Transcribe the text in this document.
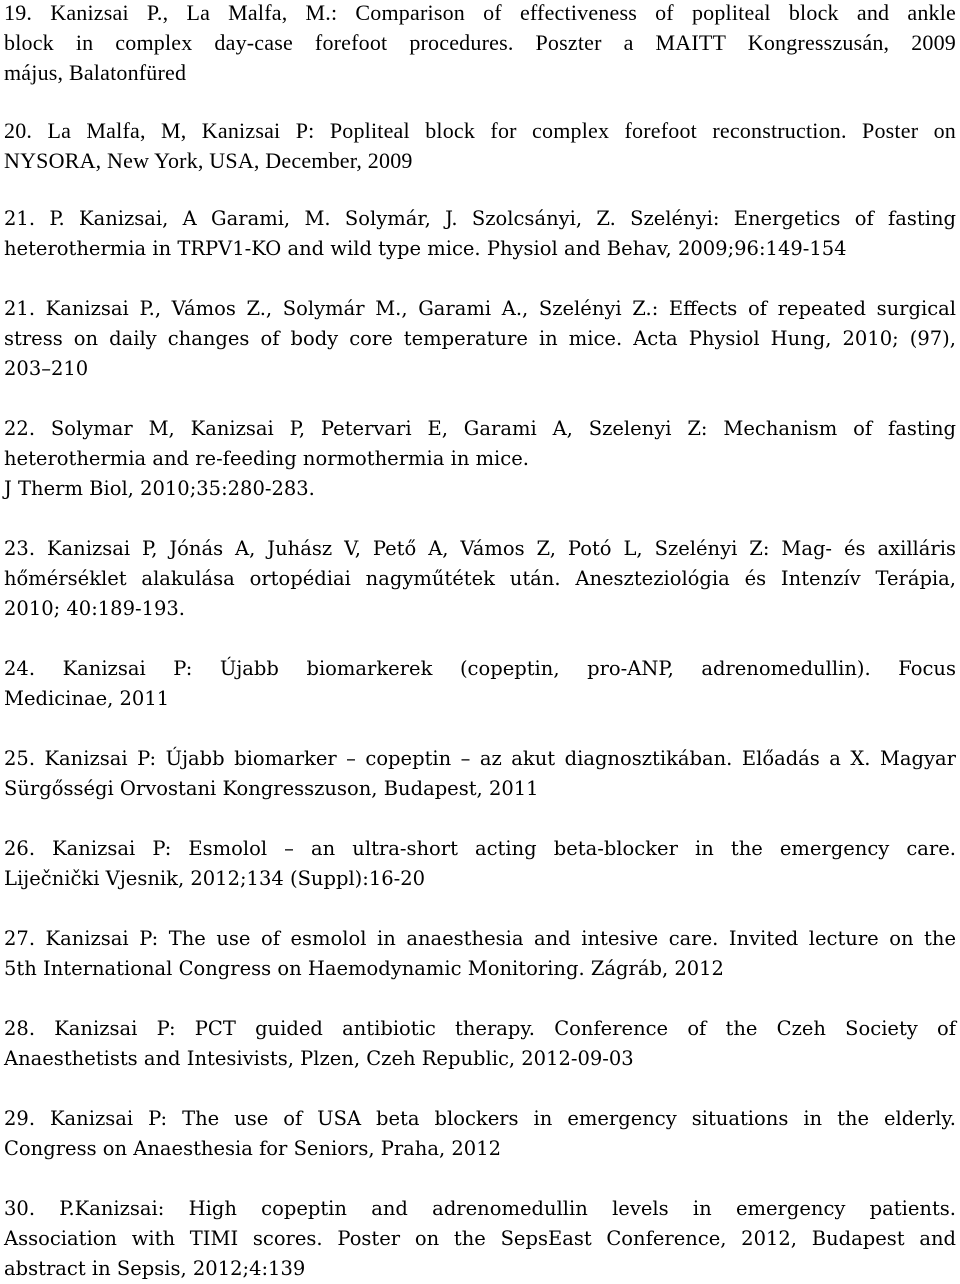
19. Kanizsai P., La Malfa, M.: Comparison of effectiveness of popliteal block and ankle
block in complex day-case forefoot procedures. Poszter a MAITT Kongresszusán, 2009
május, Balatonfüred
20. La Malfa, M, Kanizsai P: Popliteal block for complex forefoot reconstruction. Poster on
NYSORA, New York, USA, December, 2009
21. P. Kanizsai, A Garami, M. Solymár, J. Szolcsányi, Z. Szelényi: Energetics of fasting
heterothermia in TRPV1-KO and wild type mice. Physiol and Behav, 2009;96:149-154
21. Kanizsai P., Vámos Z., Solymár M., Garami A., Szelényi Z.: Effects of repeated surgical
stress on daily changes of body core temperature in mice. Acta Physiol Hung, 2010; (97),
203–210
22. Solymar M, Kanizsai P, Petervari E, Garami A, Szelenyi Z: Mechanism of fasting
heterothermia and re-feeding normothermia in mice.
J Therm Biol, 2010;35:280-283.
23. Kanizsai P, Jónás A, Juhász V, Pető A, Vámos Z, Potó L, Szelényi Z: Mag- és axilláris
hőmérséklet alakulása ortopédiai nagyműtétek után. Aneszteziológia és Intenzív Terápia,
2010; 40:189-193.
24. Kanizsai P: Újabb biomarkerek (copeptin, pro-ANP, adrenomedullin). Focus
Medicinae, 2011
25. Kanizsai P: Újabb biomarker – copeptin – az akut diagnosztikában. Előadás a X. Magyar
Sürgősségi Orvostani Kongresszuson, Budapest, 2011
26. Kanizsai P: Esmolol – an ultra-short acting beta-blocker in the emergency care.
Liječnički Vjesnik, 2012;134 (Suppl):16-20
27. Kanizsai P: The use of esmolol in anaesthesia and intesive care. Invited lecture on the
5th International Congress on Haemodynamic Monitoring. Zágráb, 2012
28. Kanizsai P: PCT guided antibiotic therapy. Conference of the Czeh Society of
Anaesthetists and Intesivists, Plzen, Czeh Republic, 2012-09-03
29. Kanizsai P: The use of USA beta blockers in emergency situations in the elderly.
Congress on Anaesthesia for Seniors, Praha, 2012
30. P.Kanizsai: High copeptin and adrenomedullin levels in emergency patients.
Association with TIMI scores. Poster on the SepsEast Conference, 2012, Budapest and
abstract in Sepsis, 2012;4:139
